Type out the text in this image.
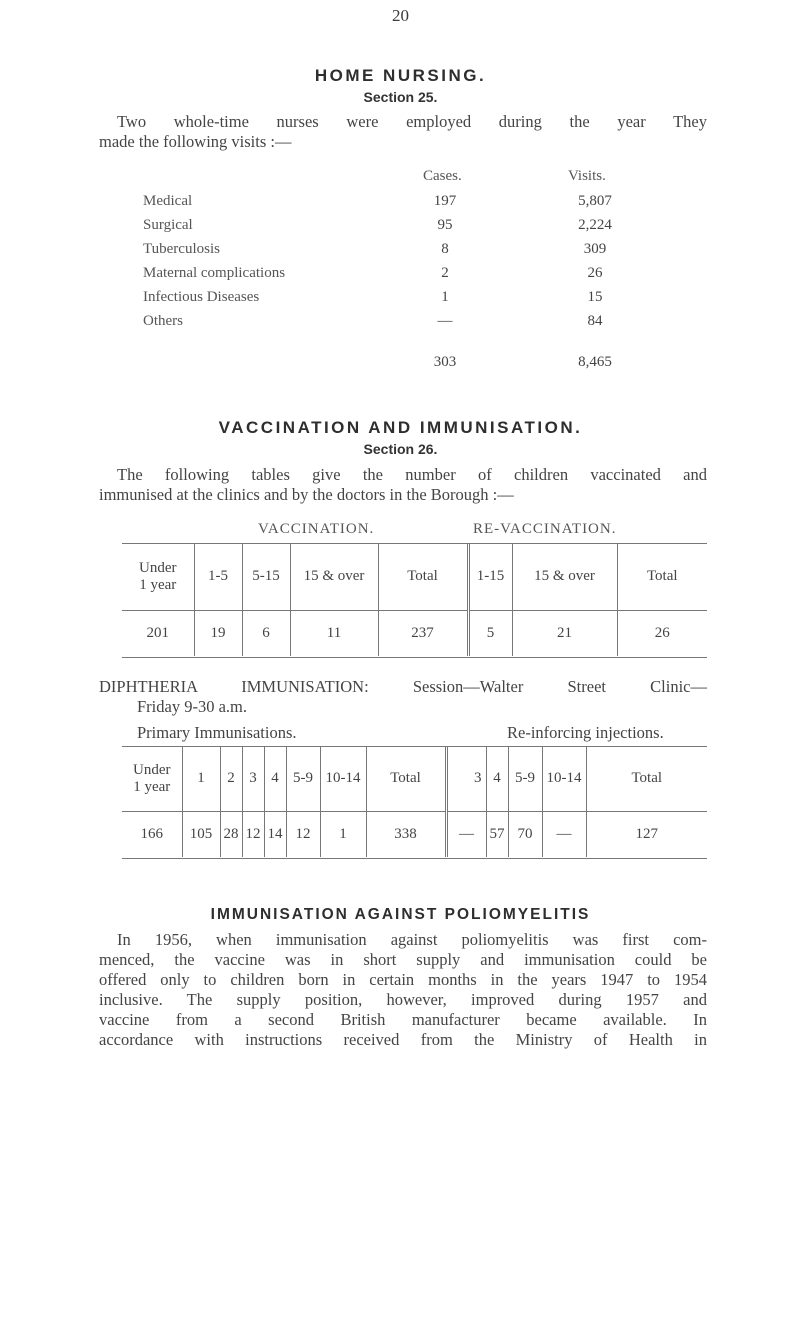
20
HOME NURSING.
Section 25.
Two whole-time nurses were employed during the year They
made the following visits :—
Cases.	Visits.
Medical	197	5,807
Surgical	95	2,224
Tuberculosis	8	309
Maternal complications	2	26
Infectious Diseases	1	15
Others	—	84
303	8,465
VACCINATION AND IMMUNISATION.
Section 26.
The following tables give the number of children vaccinated and
immunised at the clinics and by the doctors in the Borough :—
VACCINATION.	RE-VACCINATION.
Under
1 year	1-5	5-15	15 & over	Total	1-15	15 & over	Total
201	19	6	11	237	5	21	26
DIPHTHERIA IMMUNISATION: Session—Walter Street Clinic—
Friday 9-30 a.m.
Primary Immunisations.	Re-inforcing injections.
Under
1 year	1	2	3	4	5-9	10-14	Total	3	4	5-9	10-14	Total
166	105	28	12	14	12	1	338	—	57	70	—	127
IMMUNISATION AGAINST POLIOMYELITIS
In 1956, when immunisation against poliomyelitis was first com-
menced, the vaccine was in short supply and immunisation could be
offered only to children born in certain months in the years 1947 to 1954
inclusive. The supply position, however, improved during 1957 and
vaccine from a second British manufacturer became available. In
accordance with instructions received from the Ministry of Health in
